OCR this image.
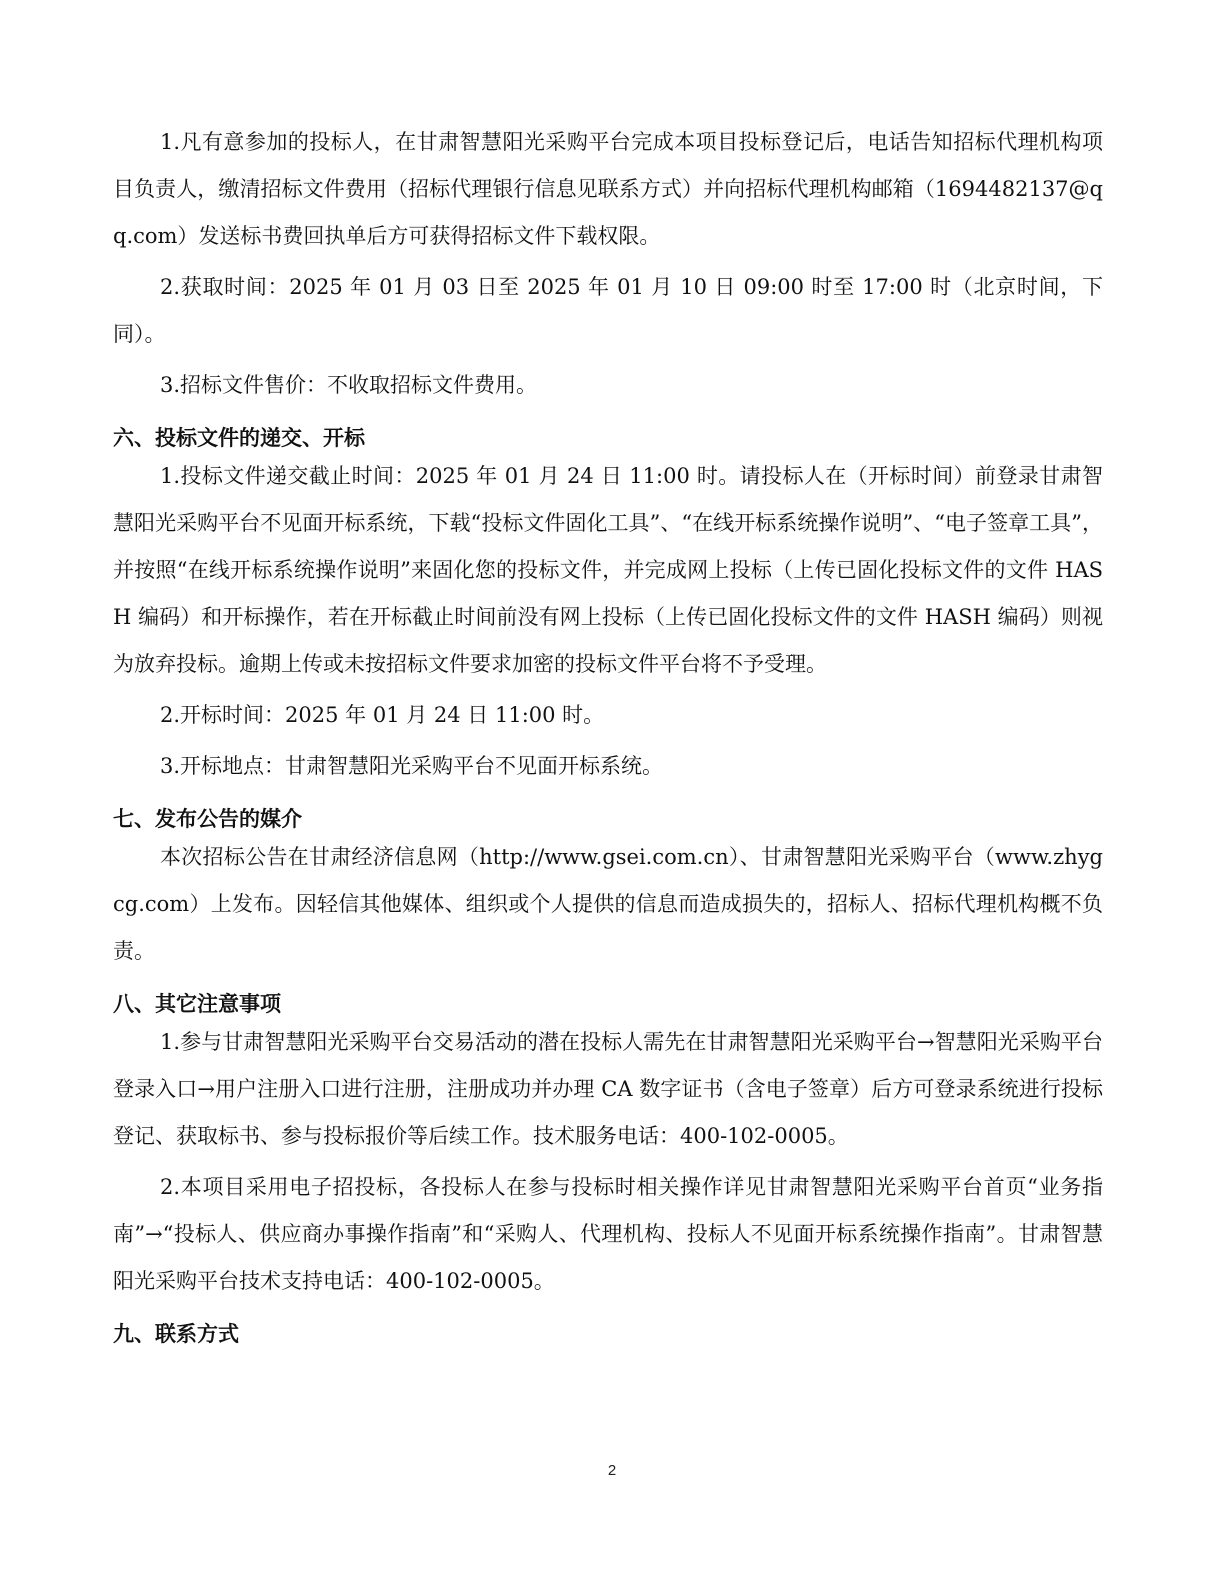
1.凡有意参加的投标人，在甘肃智慧阳光采购平台完成本项目投标登记后，电话告知招标代理机构项目负责人，缴清招标文件费用（招标代理银行信息见联系方式）并向招标代理机构邮箱（1694482137@qq.com）发送标书费回执单后方可获得招标文件下载权限。

2.获取时间：2025 年 01 月 03 日至 2025 年 01 月 10 日 09:00 时至 17:00 时（北京时间，下同）。

3.招标文件售价：不收取招标文件费用。

六、投标文件的递交、开标

1.投标文件递交截止时间：2025 年 01 月 24 日 11:00 时。请投标人在（开标时间）前登录甘肃智慧阳光采购平台不见面开标系统，下载“投标文件固化工具”、“在线开标系统操作说明”、“电子签章工具”，并按照“在线开标系统操作说明”来固化您的投标文件，并完成网上投标（上传已固化投标文件的文件 HASH 编码）和开标操作，若在开标截止时间前没有网上投标（上传已固化投标文件的文件 HASH 编码）则视为放弃投标。逾期上传或未按招标文件要求加密的投标文件平台将不予受理。

2.开标时间：2025 年 01 月 24 日 11:00 时。

3.开标地点：甘肃智慧阳光采购平台不见面开标系统。

七、发布公告的媒介

本次招标公告在甘肃经济信息网（http://www.gsei.com.cn）、甘肃智慧阳光采购平台（www.zhygcg.com）上发布。因轻信其他媒体、组织或个人提供的信息而造成损失的，招标人、招标代理机构概不负责。

八、其它注意事项

1.参与甘肃智慧阳光采购平台交易活动的潜在投标人需先在甘肃智慧阳光采购平台→智慧阳光采购平台登录入口→用户注册入口进行注册，注册成功并办理 CA 数字证书（含电子签章）后方可登录系统进行投标登记、获取标书、参与投标报价等后续工作。技术服务电话：400-102-0005。

2.本项目采用电子招投标，各投标人在参与投标时相关操作详见甘肃智慧阳光采购平台首页“业务指南”→“投标人、供应商办事操作指南”和“采购人、代理机构、投标人不见面开标系统操作指南”。甘肃智慧阳光采购平台技术支持电话：400-102-0005。

九、联系方式
2
